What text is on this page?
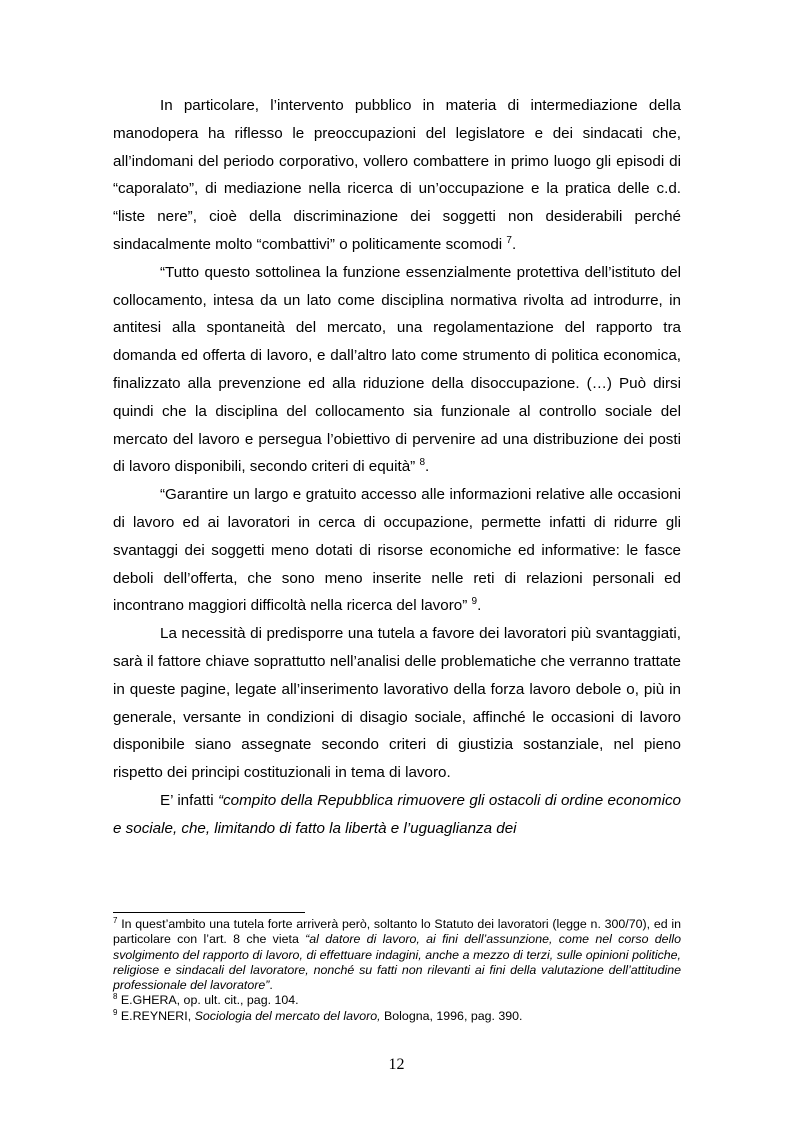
In particolare, l’intervento pubblico in materia di intermediazione della manodopera ha riflesso le preoccupazioni del legislatore e dei sindacati che, all’indomani del periodo corporativo, vollero combattere in primo luogo gli episodi di “caporalato”, di mediazione nella ricerca di un’occupazione e la pratica delle c.d. “liste nere”, cioè della discriminazione dei soggetti non desiderabili perché sindacalmente molto “combattivi” o politicamente scomodi $^7$.

“Tutto questo sottolinea la funzione essenzialmente protettiva dell’istituto del collocamento, intesa da un lato come disciplina normativa rivolta ad introdurre, in antitesi alla spontaneità del mercato, una regolamentazione del rapporto tra domanda ed offerta di lavoro, e dall’altro lato come strumento di politica economica, finalizzato alla prevenzione ed alla riduzione della disoccupazione. (…) Può dirsi quindi che la disciplina del collocamento sia funzionale al controllo sociale del mercato del lavoro e persegua l’obiettivo di pervenire ad una distribuzione dei posti di lavoro disponibili, secondo criteri di equità” $^8$.

“Garantire un largo e gratuito accesso alle informazioni relative alle occasioni di lavoro ed ai lavoratori in cerca di occupazione, permette infatti di ridurre gli svantaggi dei soggetti meno dotati di risorse economiche ed informative: le fasce deboli dell’offerta, che sono meno inserite nelle reti di relazioni personali ed incontrano maggiori difficoltà nella ricerca del lavoro” $^9$.

La necessità di predisporre una tutela a favore dei lavoratori più svantaggiati, sarà il fattore chiave soprattutto nell’analisi delle problematiche che verranno trattate in queste pagine, legate all’inserimento lavorativo della forza lavoro debole o, più in generale, versante in condizioni di disagio sociale, affinché le occasioni di lavoro disponibile siano assegnate secondo criteri di giustizia sostanziale, nel pieno rispetto dei principi costituzionali in tema di lavoro.

E’ infatti “compito della Repubblica rimuovere gli ostacoli di ordine economico e sociale, che, limitando di fatto la libertà e l’uguaglianza dei

$^7$ In quest’ambito una tutela forte arriverà però, soltanto lo Statuto dei lavoratori (legge n. 300/70), ed in particolare con l’art. 8 che vieta “al datore di lavoro, ai fini dell’assunzione, come nel corso dello svolgimento del rapporto di lavoro, di effettuare indagini, anche a mezzo di terzi, sulle opinioni politiche, religiose e sindacali del lavoratore, nonché su fatti non rilevanti ai fini della valutazione dell’attitudine professionale del lavoratore”.

$^8$ E.GHERA, op. ult. cit., pag. 104.

$^9$ E.REYNERI, Sociologia del mercato del lavoro, Bologna, 1996, pag. 390.

12
